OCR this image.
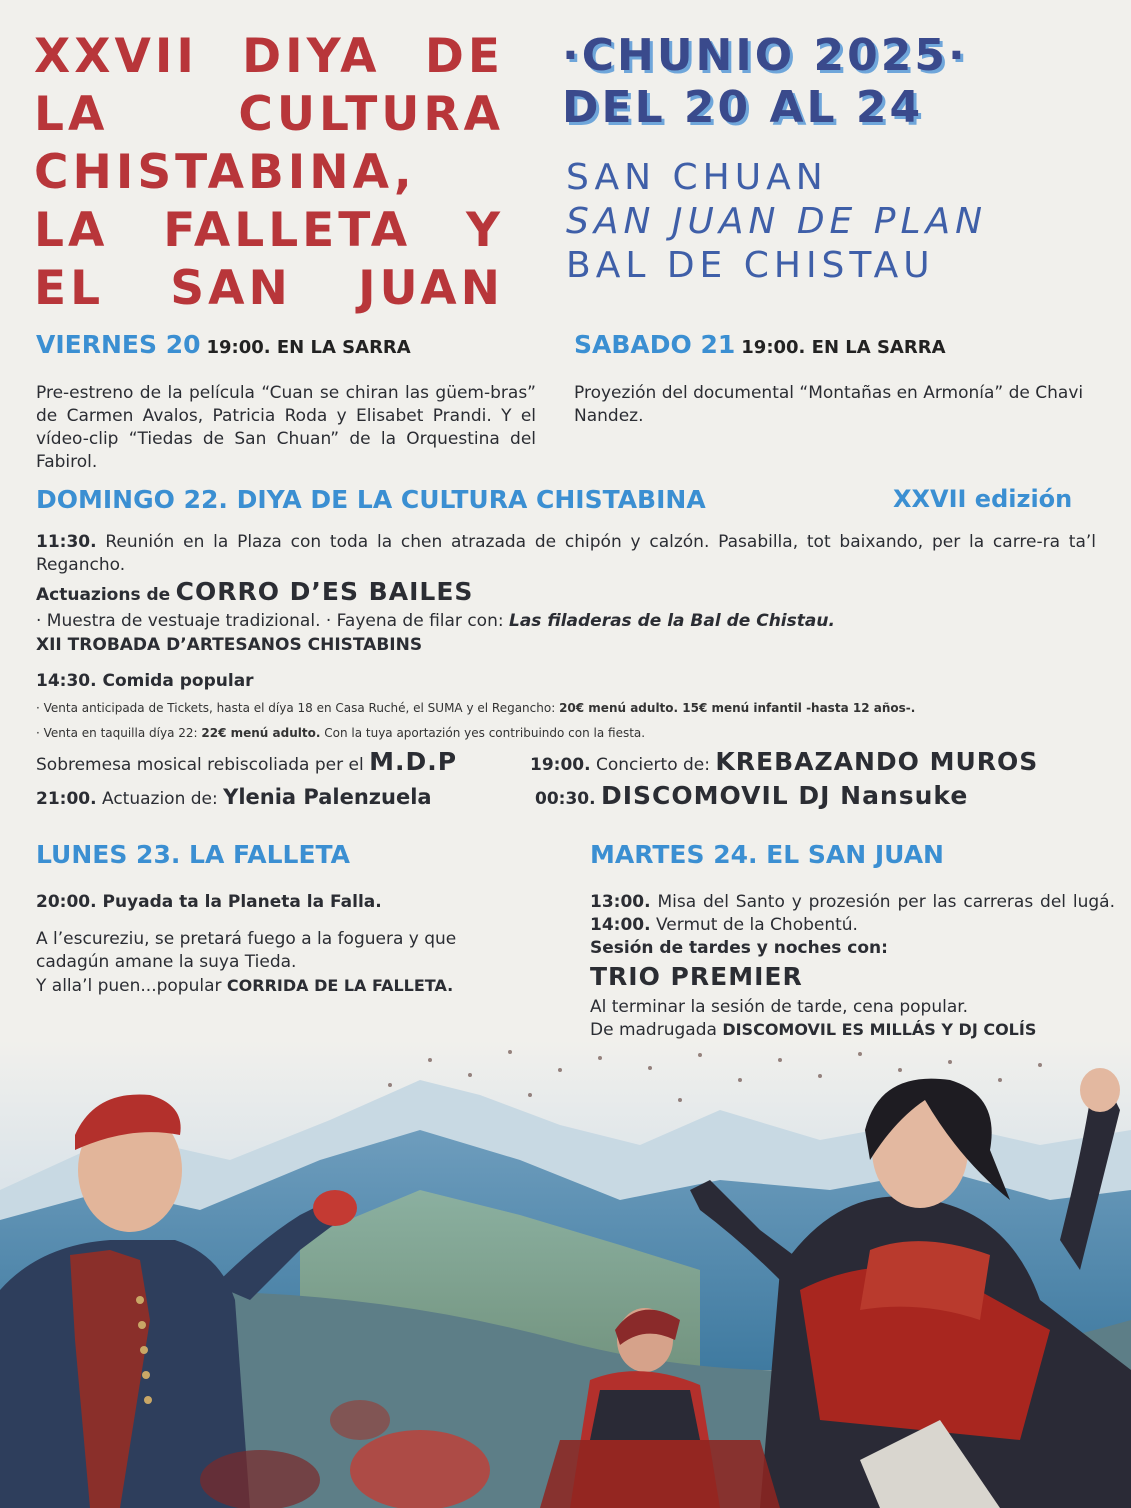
XXVII DIYA DE
LA CULTURA
CHISTABINA,
LA FALLETA Y
EL SAN JUAN
·CHUNIO 2025·
DEL 20 AL 24
SAN CHUAN
SAN JUAN DE PLAN
BAL DE CHISTAU
VIERNES 20 19:00. EN LA SARRA
Pre-estreno de la película “Cuan se chiran las güem-bras” de Carmen Avalos, Patricia Roda y Elisabet Prandi. Y el vídeo-clip “Tiedas de San Chuan” de la Orquestina del Fabirol.
SABADO 21 19:00. EN LA SARRA
Proyezión del documental “Montañas en Armonía” de Chavi Nandez.
DOMINGO 22. DIYA DE LA CULTURA CHISTABINA	XXVII edizión
11:30. Reunión en la Plaza con toda la chen atrazada de chipón y calzón. Pasabilla, tot baixando, per la carre-ra ta’l Regancho.
Actuazions de CORRO D’ES BAILES
· Muestra de vestuaje tradizional. · Fayena de filar con: Las filaderas de la Bal de Chistau.
XII TROBADA D’ARTESANOS CHISTABINS
14:30. Comida popular
· Venta anticipada de Tickets, hasta el díya 18 en Casa Ruché, el SUMA y el Regancho: 20€ menú adulto. 15€ menú infantil -hasta 12 años-.
· Venta en taquilla díya 22: 22€ menú adulto. Con la tuya aportazión yes contribuindo con la fiesta.
Sobremesa mosical rebiscoliada per el M.D.P	19:00. Concierto de: KREBAZANDO MUROS
21:00. Actuazion de: Ylenia Palenzuela	00:30. DISCOMOVIL DJ Nansuke
LUNES 23. LA FALLETA
20:00. Puyada ta la Planeta la Falla.
A l’escureziu, se pretará fuego a la foguera y que cadagún amane la suya Tieda.
Y alla’l puen...popular CORRIDA DE LA FALLETA.
MARTES 24. EL SAN JUAN
13:00. Misa del Santo y prozesión per las carreras del lugá. 14:00. Vermut de la Chobentú.
Sesión de tardes y noches con:
TRIO PREMIER
Al terminar la sesión de tarde, cena popular.
De madrugada DISCOMOVIL ES MILLÁS Y DJ COLÍS
